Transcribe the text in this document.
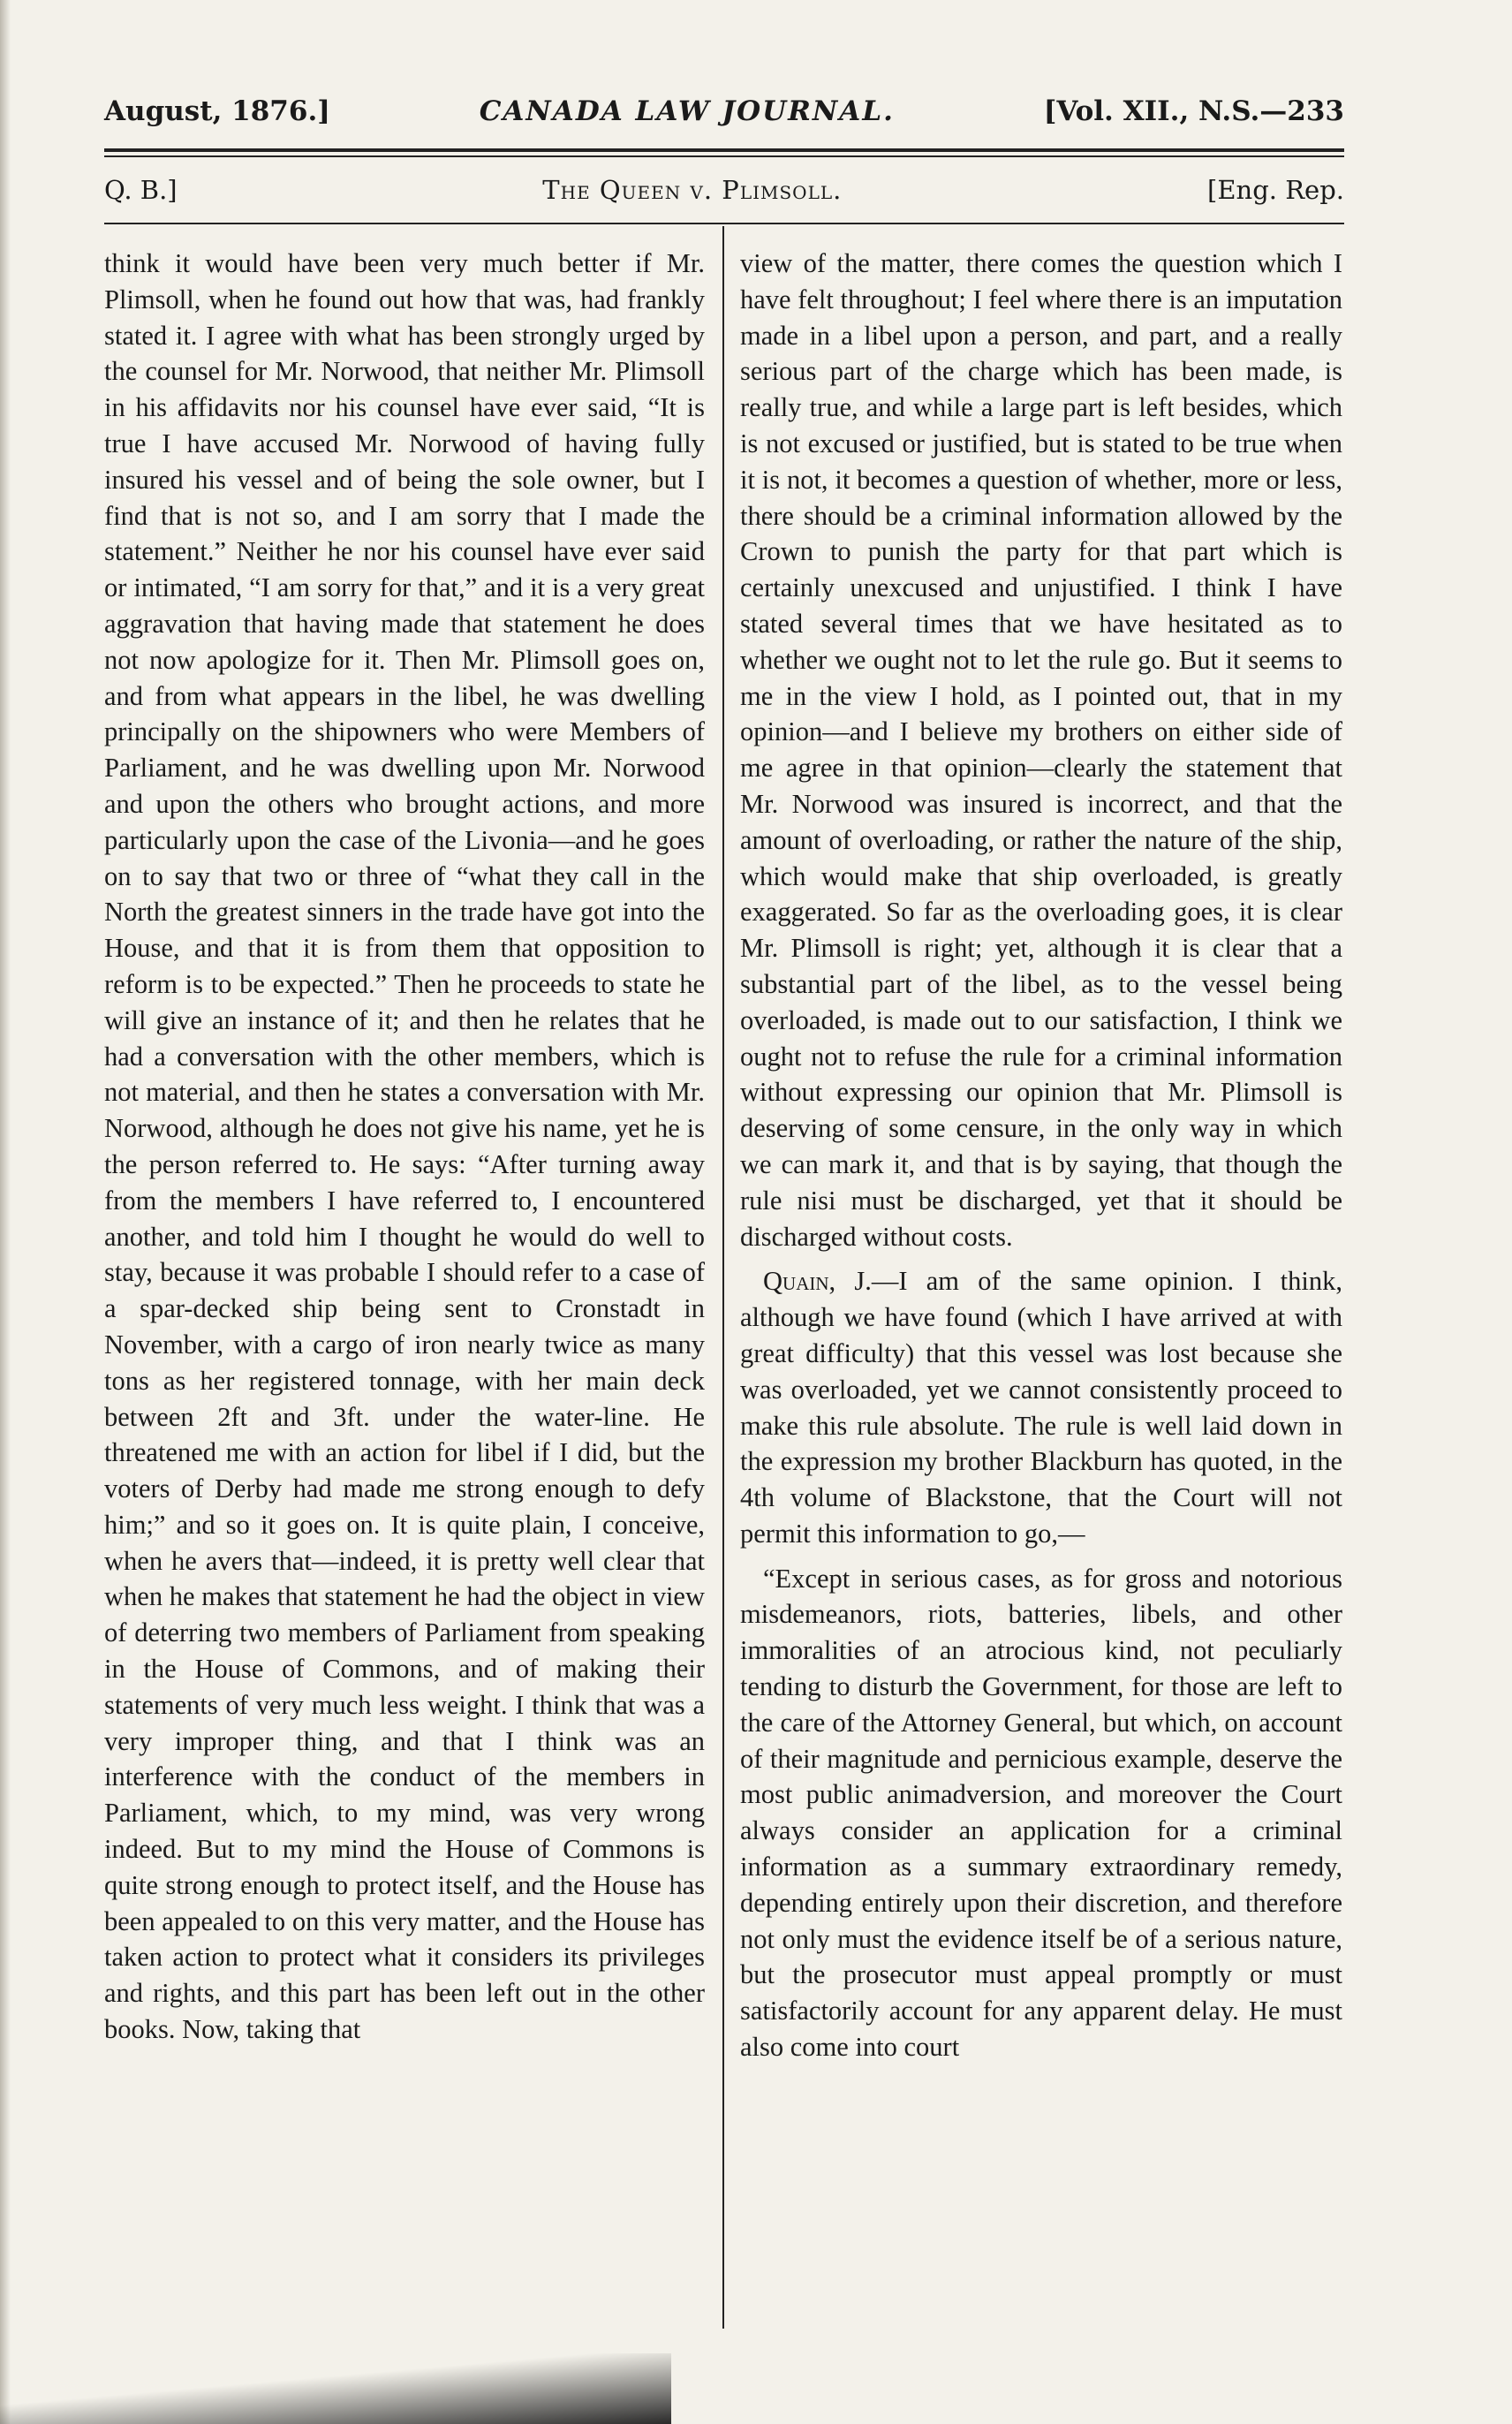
August, 1876.]	CANADA LAW JOURNAL.	[Vol. XII., N.S.—233
Q. B.]	The Queen v. Plimsoll.	[Eng. Rep.

think it would have been very much better if Mr. Plimsoll, when he found out how that was, had frankly stated it. I agree with what has been strongly urged by the counsel for Mr. Norwood, that neither Mr. Plimsoll in his affidavits nor his counsel have ever said, “It is true I have accused Mr. Norwood of having fully insured his vessel and of being the sole owner, but I find that is not so, and I am sorry that I made the statement.” Neither he nor his counsel have ever said or intimated, “I am sorry for that,” and it is a very great aggravation that having made that statement he does not now apologize for it. Then Mr. Plimsoll goes on, and from what appears in the libel, he was dwelling principally on the shipowners who were Members of Parliament, and he was dwelling upon Mr. Norwood and upon the others who brought actions, and more particularly upon the case of the Livonia—and he goes on to say that two or three of “what they call in the North the greatest sinners in the trade have got into the House, and that it is from them that opposition to reform is to be expected.” Then he proceeds to state he will give an instance of it; and then he relates that he had a conversation with the other members, which is not material, and then he states a conversation with Mr. Norwood, although he does not give his name, yet he is the person referred to. He says: “After turning away from the members I have referred to, I encountered another, and told him I thought he would do well to stay, because it was probable I should refer to a case of a spar-decked ship being sent to Cronstadt in November, with a cargo of iron nearly twice as many tons as her registered tonnage, with her main deck between 2ft and 3ft. under the water-line. He threatened me with an action for libel if I did, but the voters of Derby had made me strong enough to defy him;” and so it goes on. It is quite plain, I conceive, when he avers that—indeed, it is pretty well clear that when he makes that statement he had the object in view of deterring two members of Parliament from speaking in the House of Commons, and of making their statements of very much less weight. I think that was a very improper thing, and that I think was an interference with the conduct of the members in Parliament, which, to my mind, was very wrong indeed. But to my mind the House of Commons is quite strong enough to protect itself, and the House has been appealed to on this very matter, and the House has taken action to protect what it considers its privileges and rights, and this part has been left out in the other books. Now, taking that

view of the matter, there comes the question which I have felt throughout; I feel where there is an imputation made in a libel upon a person, and part, and a really serious part of the charge which has been made, is really true, and while a large part is left besides, which is not excused or justified, but is stated to be true when it is not, it becomes a question of whether, more or less, there should be a criminal information allowed by the Crown to punish the party for that part which is certainly unexcused and unjustified. I think I have stated several times that we have hesitated as to whether we ought not to let the rule go. But it seems to me in the view I hold, as I pointed out, that in my opinion—and I believe my brothers on either side of me agree in that opinion—clearly the statement that Mr. Norwood was insured is incorrect, and that the amount of overloading, or rather the nature of the ship, which would make that ship overloaded, is greatly exaggerated. So far as the overloading goes, it is clear Mr. Plimsoll is right; yet, although it is clear that a substantial part of the libel, as to the vessel being overloaded, is made out to our satisfaction, I think we ought not to refuse the rule for a criminal information without expressing our opinion that Mr. Plimsoll is deserving of some censure, in the only way in which we can mark it, and that is by saying, that though the rule nisi must be discharged, yet that it should be discharged without costs.

Quain, J.—I am of the same opinion. I think, although we have found (which I have arrived at with great difficulty) that this vessel was lost because she was overloaded, yet we cannot consistently proceed to make this rule absolute. The rule is well laid down in the expression my brother Blackburn has quoted, in the 4th volume of Blackstone, that the Court will not permit this information to go,—

“Except in serious cases, as for gross and notorious misdemeanors, riots, batteries, libels, and other immoralities of an atrocious kind, not peculiarly tending to disturb the Government, for those are left to the care of the Attorney General, but which, on account of their magnitude and pernicious example, deserve the most public animadversion, and moreover the Court always consider an application for a criminal information as a summary extraordinary remedy, depending entirely upon their discretion, and therefore not only must the evidence itself be of a serious nature, but the prosecutor must appeal promptly or must satisfactorily account for any apparent delay. He must also come into court
